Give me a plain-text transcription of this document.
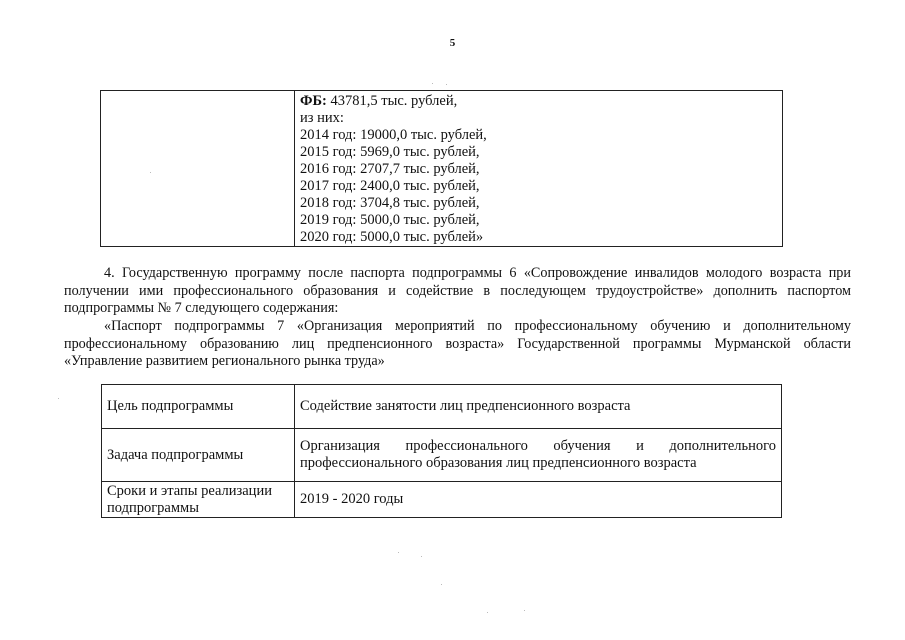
5

ФБ: 43781,5 тыс. рублей,
из них:
2014 год: 19000,0 тыс. рублей,
2015 год: 5969,0 тыс. рублей,
2016 год: 2707,7 тыс. рублей,
2017 год: 2400,0 тыс. рублей,
2018 год: 3704,8 тыс. рублей,
2019 год: 5000,0 тыс. рублей,
2020 год: 5000,0 тыс. рублей»
4. Государственную программу после паспорта подпрограммы 6 «Сопровождение инвалидов молодого возраста при получении ими профессионального образования и содействие в последующем трудоустройстве» дополнить паспортом подпрограммы № 7 следующего содержания:
«Паспорт подпрограммы 7 «Организация мероприятий по профессиональному обучению и дополнительному профессиональному образованию лиц предпенсионного возраста» Государственной программы Мурманской области «Управление развитием регионального рынка труда»
Цель подпрограммы	Содействие занятости лиц предпенсионного возраста
Задача подпрограммы	Организация профессионального обучения и дополнительного профессионального образования лиц предпенсионного возраста
Сроки и этапы реализации подпрограммы	2019 - 2020 годы
